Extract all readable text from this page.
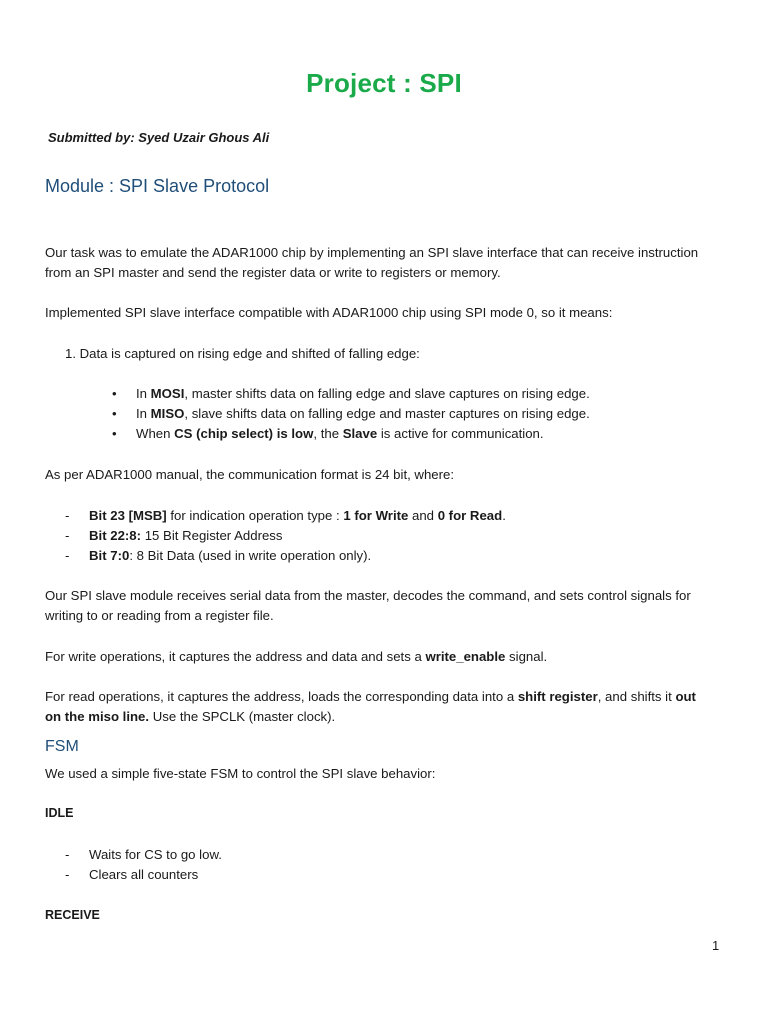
Project : SPI
Submitted by: Syed Uzair Ghous Ali
Module : SPI Slave Protocol
Our task was to emulate the ADAR1000 chip by implementing an SPI slave interface that can receive instruction
from an SPI master and send the register data or write to registers or memory.
Implemented SPI slave interface compatible with ADAR1000 chip using SPI mode 0, so it means:
1. Data is captured on rising edge and shifted of falling edge:
•	In MOSI, master shifts data on falling edge and slave captures on rising edge.
•	In MISO, slave shifts data on falling edge and master captures on rising edge.
•	When CS (chip select) is low, the Slave is active for communication.
As per ADAR1000 manual, the communication format is 24 bit, where:
- Bit 23 [MSB] for indication operation type : 1 for Write and 0 for Read.
- Bit 22:8: 15 Bit Register Address
- Bit 7:0: 8 Bit Data (used in write operation only).
Our SPI slave module receives serial data from the master, decodes the command, and sets control signals for
writing to or reading from a register file.
For write operations, it captures the address and data and sets a write_enable signal.
For read operations, it captures the address, loads the corresponding data into a shift register, and shifts it out
on the miso line. Use the SPCLK (master clock).
FSM
We used a simple five-state FSM to control the SPI slave behavior:
IDLE
- Waits for CS to go low.
- Clears all counters
RECEIVE
1
